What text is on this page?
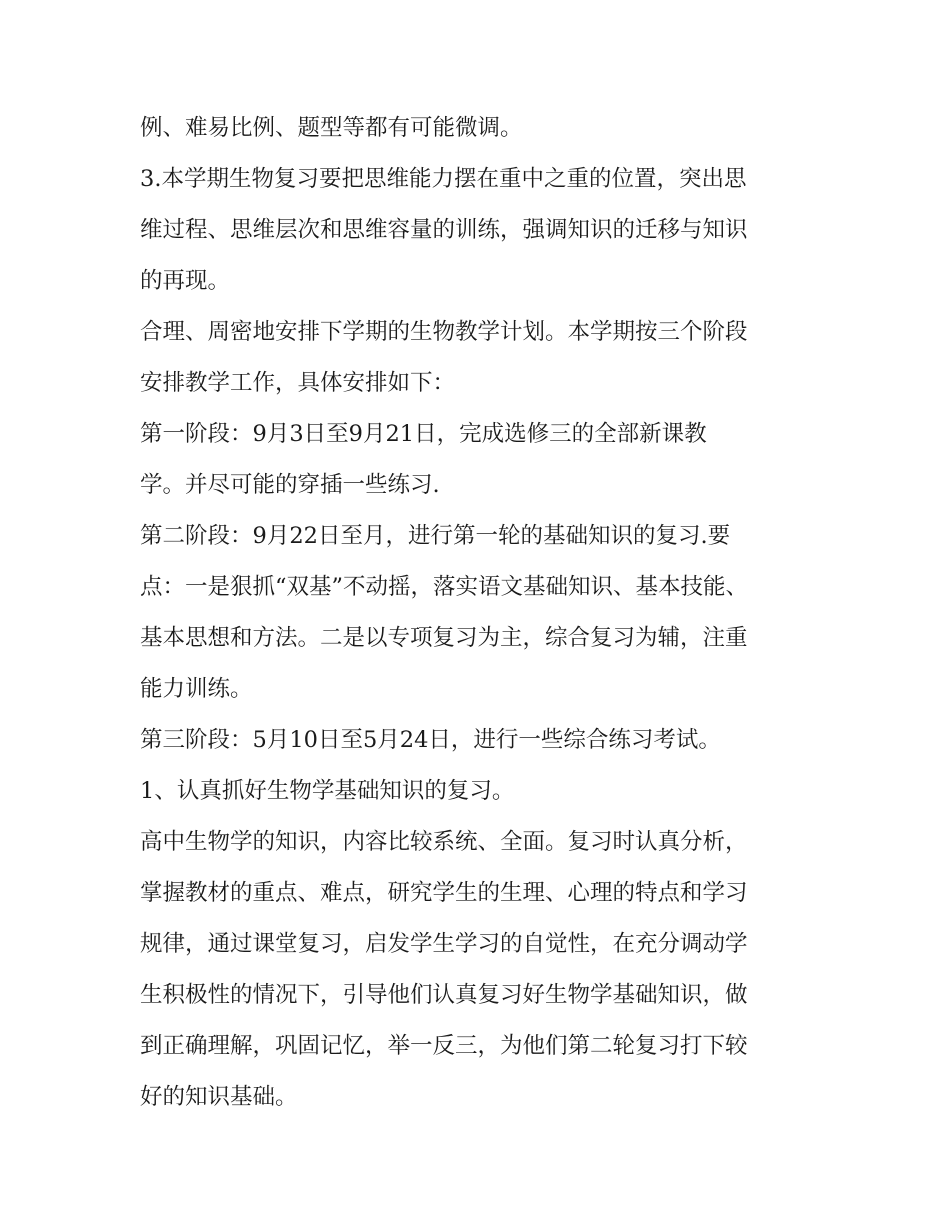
例、难易比例、题型等都有可能微调。

3.本学期生物复习要把思维能力摆在重中之重的位置，突出思
维过程、思维层次和思维容量的训练，强调知识的迁移与知识
的再现。

合理、周密地安排下学期的生物教学计划。本学期按三个阶段
安排教学工作，具体安排如下：

第一阶段：9月3日至9月21日，完成选修三的全部新课教
学。并尽可能的穿插一些练习.

第二阶段：9月22日至月，进行第一轮的基础知识的复习.要
点：一是狠抓“双基”不动摇，落实语文基础知识、基本技能、
基本思想和方法。二是以专项复习为主，综合复习为辅，注重
能力训练。

第三阶段：5月10日至5月24日，进行一些综合练习考试。

1、认真抓好生物学基础知识的复习。

高中生物学的知识，内容比较系统、全面。复习时认真分析，
掌握教材的重点、难点，研究学生的生理、心理的特点和学习
规律，通过课堂复习，启发学生学习的自觉性，在充分调动学
生积极性的情况下，引导他们认真复习好生物学基础知识，做
到正确理解，巩固记忆，举一反三，为他们第二轮复习打下较
好的知识基础。
